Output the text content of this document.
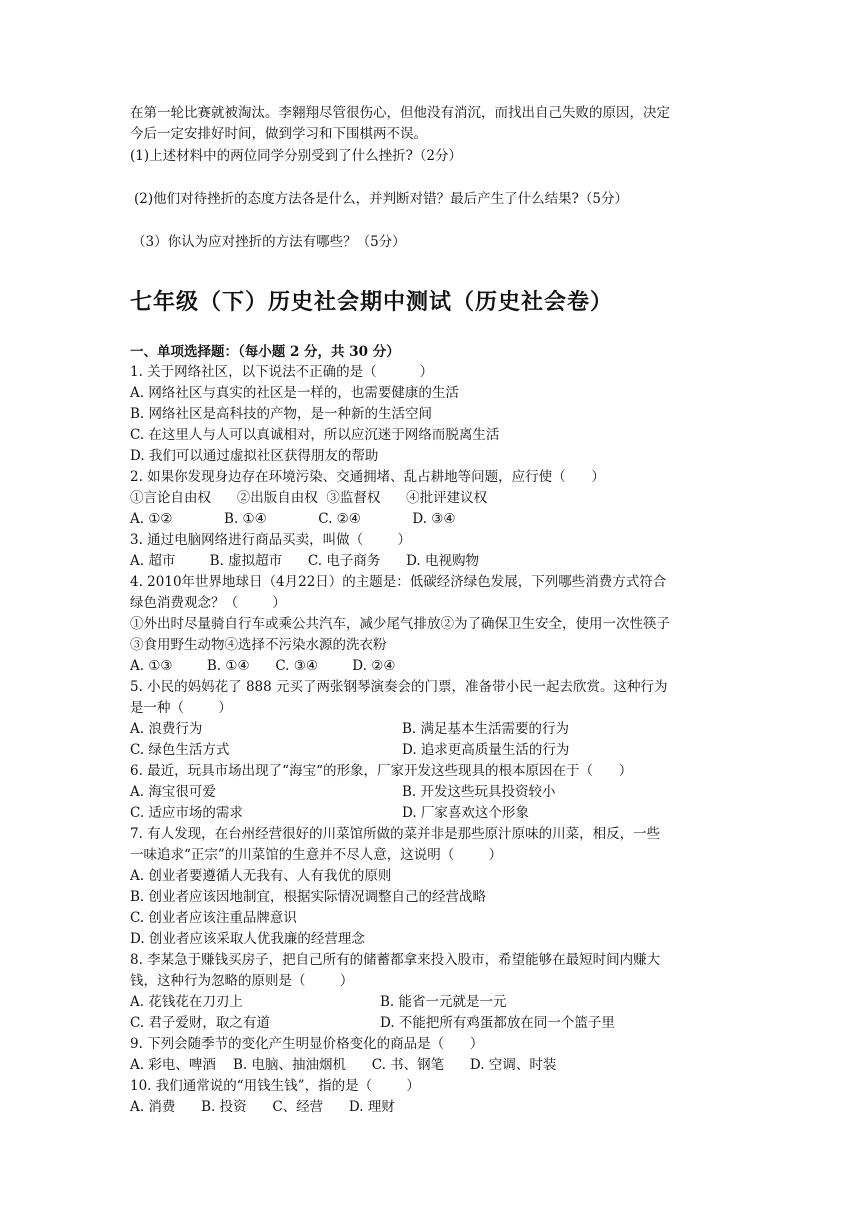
在第一轮比赛就被淘汰。李翱翔尽管很伤心，但他没有消沉，而找出自己失败的原因，决定
今后一定安排好时间，做到学习和下围棋两不误。
(1)上述材料中的两位同学分别受到了什么挫折?（2分）
(2)他们对待挫折的态度方法各是什么，并判断对错？最后产生了什么结果?（5分）
（3）你认为应对挫折的方法有哪些？（5分）
七年级（下）历史社会期中测试（历史社会卷）
一、单项选择题：（每小题 2 分，共 30 分）
1. 关于网络社区，以下说法不正确的是（          ）
A. 网络社区与真实的社区是一样的，也需要健康的生活
B. 网络社区是高科技的产物，是一种新的生活空间
C. 在这里人与人可以真诚相对，所以应沉迷于网络而脱离生活
D. 我们可以通过虚拟社区获得朋友的帮助
2. 如果你发现身边存在环境污染、交通拥堵、乱占耕地等问题，应行使（      ）
①言论自由权      ②出版自由权  ③监督权      ④批评建议权
A. ①②            B. ①④            C. ②④            D. ③④
3. 通过电脑网络进行商品买卖，叫做（        ）
A. 超市        B. 虚拟超市      C. 电子商务      D. 电视购物
4. 2010年世界地球日（4月22日）的主题是：低碳经济绿色发展，下列哪些消费方式符合
绿色消费观念？（        ）
①外出时尽量骑自行车或乘公共汽车，减少尾气排放②为了确保卫生安全，使用一次性筷子
③食用野生动物④选择不污染水源的洗衣粉
A. ①③        B. ①④      C. ③④        D. ②④
5. 小民的妈妈花了 888 元买了两张钢琴演奏会的门票，准备带小民一起去欣赏。这种行为
是一种（        ）
A. 浪费行为	B. 满足基本生活需要的行为
C. 绿色生活方式	D. 追求更高质量生活的行为
6. 最近，玩具市场出现了“海宝“的形象，厂家开发这些现具的根本原因在于（      ）
A. 海宝很可爱	B. 开发这些玩具投资较小
C. 适应市场的需求	D. 厂家喜欢这个形象
7. 有人发现，在台州经营很好的川菜馆所做的菜并非是那些原汁原味的川菜，相反，一些
一味追求“正宗”的川菜馆的生意并不尽人意，这说明（        ）
A. 创业者要遵循人无我有、人有我优的原则
B. 创业者应该因地制宜，根据实际情况调整自己的经营战略
C. 创业者应该注重品牌意识
D. 创业者应该采取人优我廉的经营理念
8. 李某急于赚钱买房子，把自己所有的储蓄都拿来投入股市，希望能够在最短时间内赚大
钱，这种行为忽略的原则是（        ）
A. 花钱花在刀刃上	B. 能省一元就是一元
C. 君子爱财，取之有道	D. 不能把所有鸡蛋都放在同一个篮子里
9. 下列会随季节的变化产生明显价格变化的商品是（      ）
A. 彩电、啤酒    B. 电脑、抽油烟机      C. 书、钢笔      D. 空调、时装
10. 我们通常说的“用钱生钱”，指的是（        ）
A. 消费      B. 投资      C、经营      D. 理财
